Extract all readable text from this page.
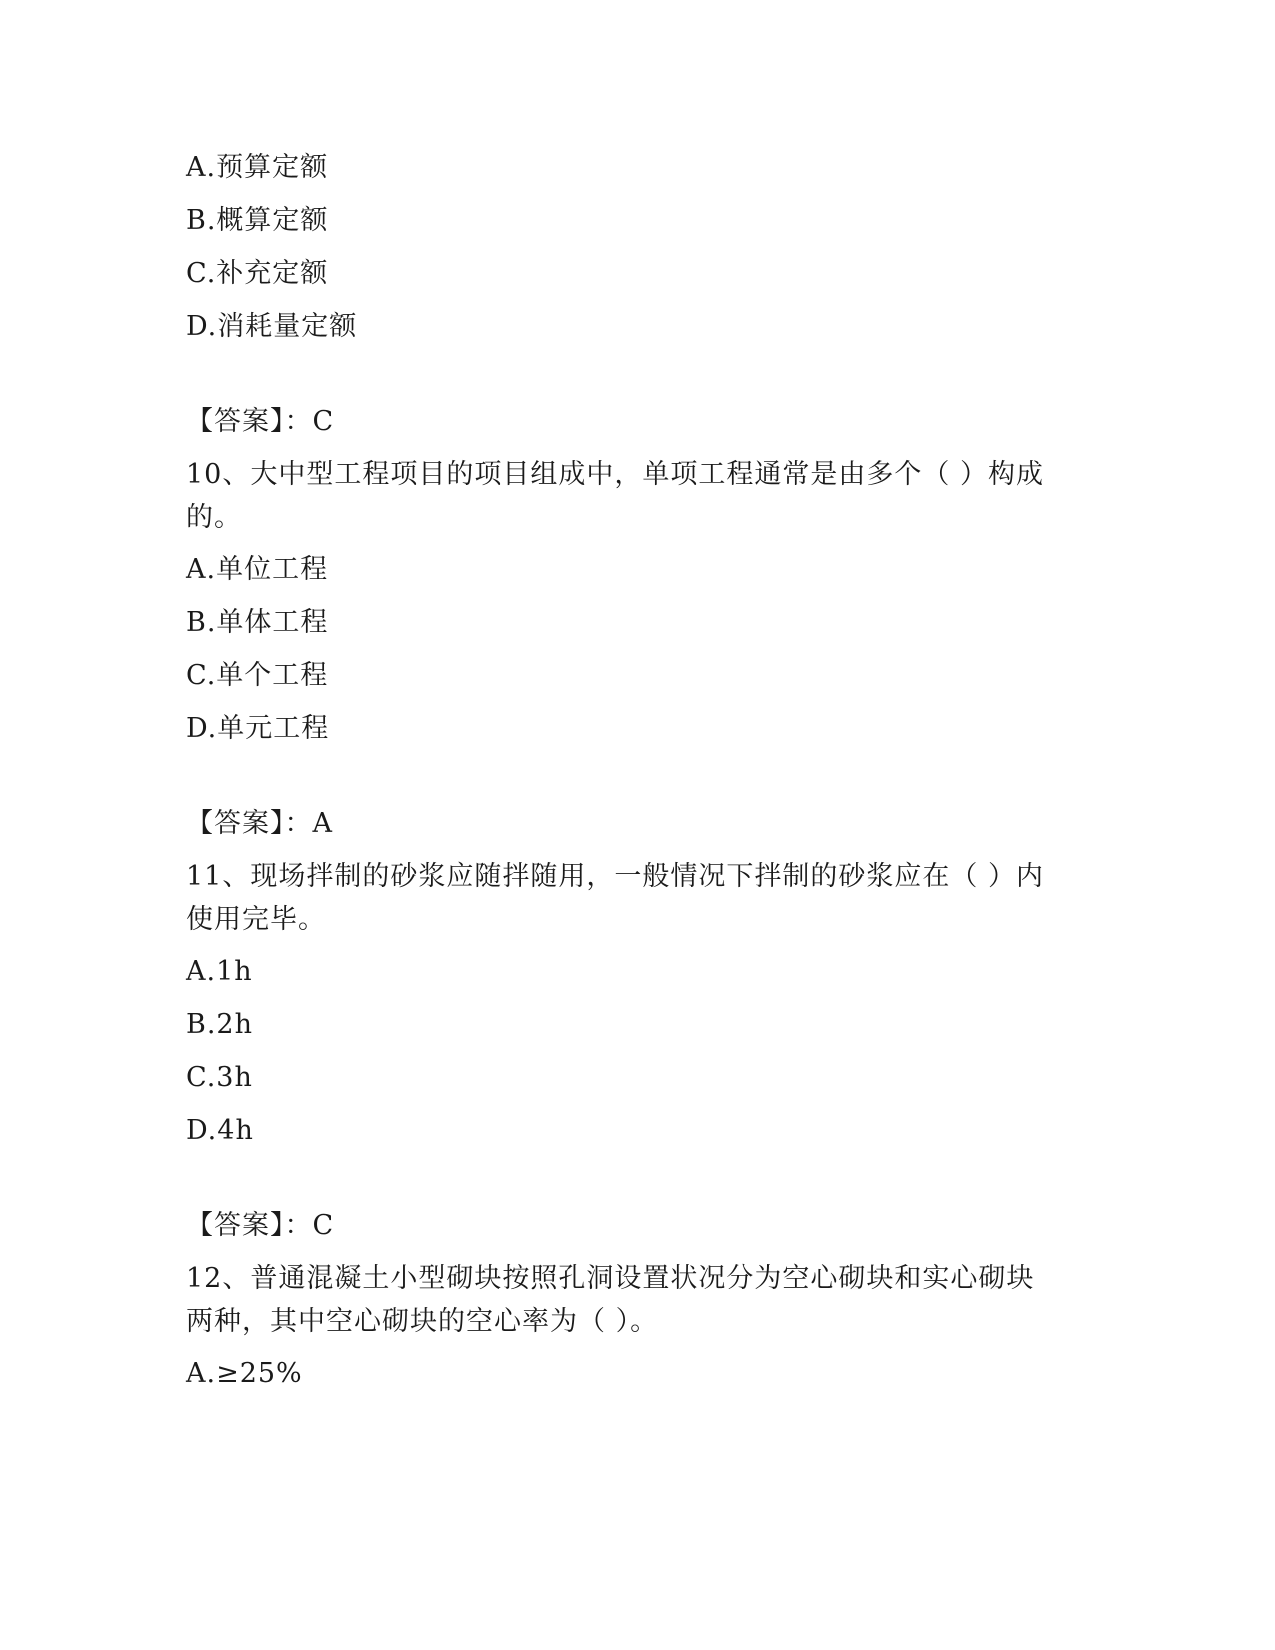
A.预算定额
B.概算定额
C.补充定额
D.消耗量定额
【答案】：C
10、大中型工程项目的项目组成中，单项工程通常是由多个（ ）构成
的。
A.单位工程
B.单体工程
C.单个工程
D.单元工程
【答案】：A
11、现场拌制的砂浆应随拌随用，一般情况下拌制的砂浆应在（ ）内
使用完毕。
A.1h
B.2h
C.3h
D.4h
【答案】：C
12、普通混凝土小型砌块按照孔洞设置状况分为空心砌块和实心砌块
两种，其中空心砌块的空心率为（ ）。
A.≥25%
